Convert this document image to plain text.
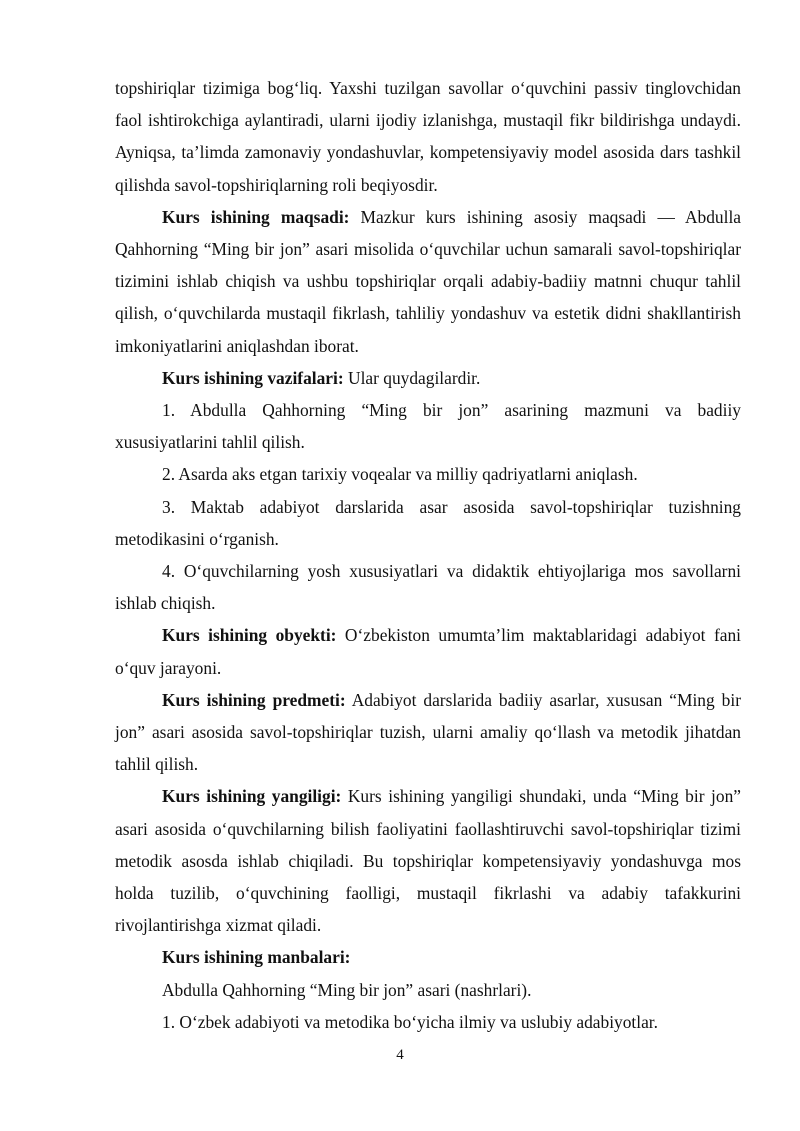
topshiriqlar tizimiga bog‘liq. Yaxshi tuzilgan savollar o‘quvchini passiv tinglovchidan faol ishtirokchiga aylantiradi, ularni ijodiy izlanishga, mustaqil fikr bildirishga undaydi. Ayniqsa, ta’limda zamonaviy yondashuvlar, kompetensiyaviy model asosida dars tashkil qilishda savol-topshiriqlarning roli beqiyosdir.

Kurs ishining maqsadi: Mazkur kurs ishining asosiy maqsadi — Abdulla Qahhorning “Ming bir jon” asari misolida o‘quvchilar uchun samarali savol-topshiriqlar tizimini ishlab chiqish va ushbu topshiriqlar orqali adabiy-badiiy matnni chuqur tahlil qilish, o‘quvchilarda mustaqil fikrlash, tahliliy yondashuv va estetik didni shakllantirish imkoniyatlarini aniqlashdan iborat.

Kurs ishining vazifalari: Ular quydagilardir.

1. Abdulla Qahhorning “Ming bir jon” asarining mazmuni va badiiy xususiyatlarini tahlil qilish.

2. Asarda aks etgan tarixiy voqealar va milliy qadriyatlarni aniqlash.

3. Maktab adabiyot darslarida asar asosida savol-topshiriqlar tuzishning metodikasini o‘rganish.

4. O‘quvchilarning yosh xususiyatlari va didaktik ehtiyojlariga mos savollarni ishlab chiqish.

Kurs ishining obyekti: O‘zbekiston umumta’lim maktablaridagi adabiyot fani o‘quv jarayoni.

Kurs ishining predmeti: Adabiyot darslarida badiiy asarlar, xususan “Ming bir jon” asari asosida savol-topshiriqlar tuzish, ularni amaliy qo‘llash va metodik jihatdan tahlil qilish.

Kurs ishining yangiligi: Kurs ishining yangiligi shundaki, unda “Ming bir jon” asari asosida o‘quvchilarning bilish faoliyatini faollashtiruvchi savol-topshiriqlar tizimi metodik asosda ishlab chiqiladi. Bu topshiriqlar kompetensiyaviy yondashuvga mos holda tuzilib, o‘quvchining faolligi, mustaqil fikrlashi va adabiy tafakkurini rivojlantirishga xizmat qiladi.

Kurs ishining manbalari:

Abdulla Qahhorning “Ming bir jon” asari (nashrlari).

1. O‘zbek adabiyoti va metodika bo‘yicha ilmiy va uslubiy adabiyotlar.

4
